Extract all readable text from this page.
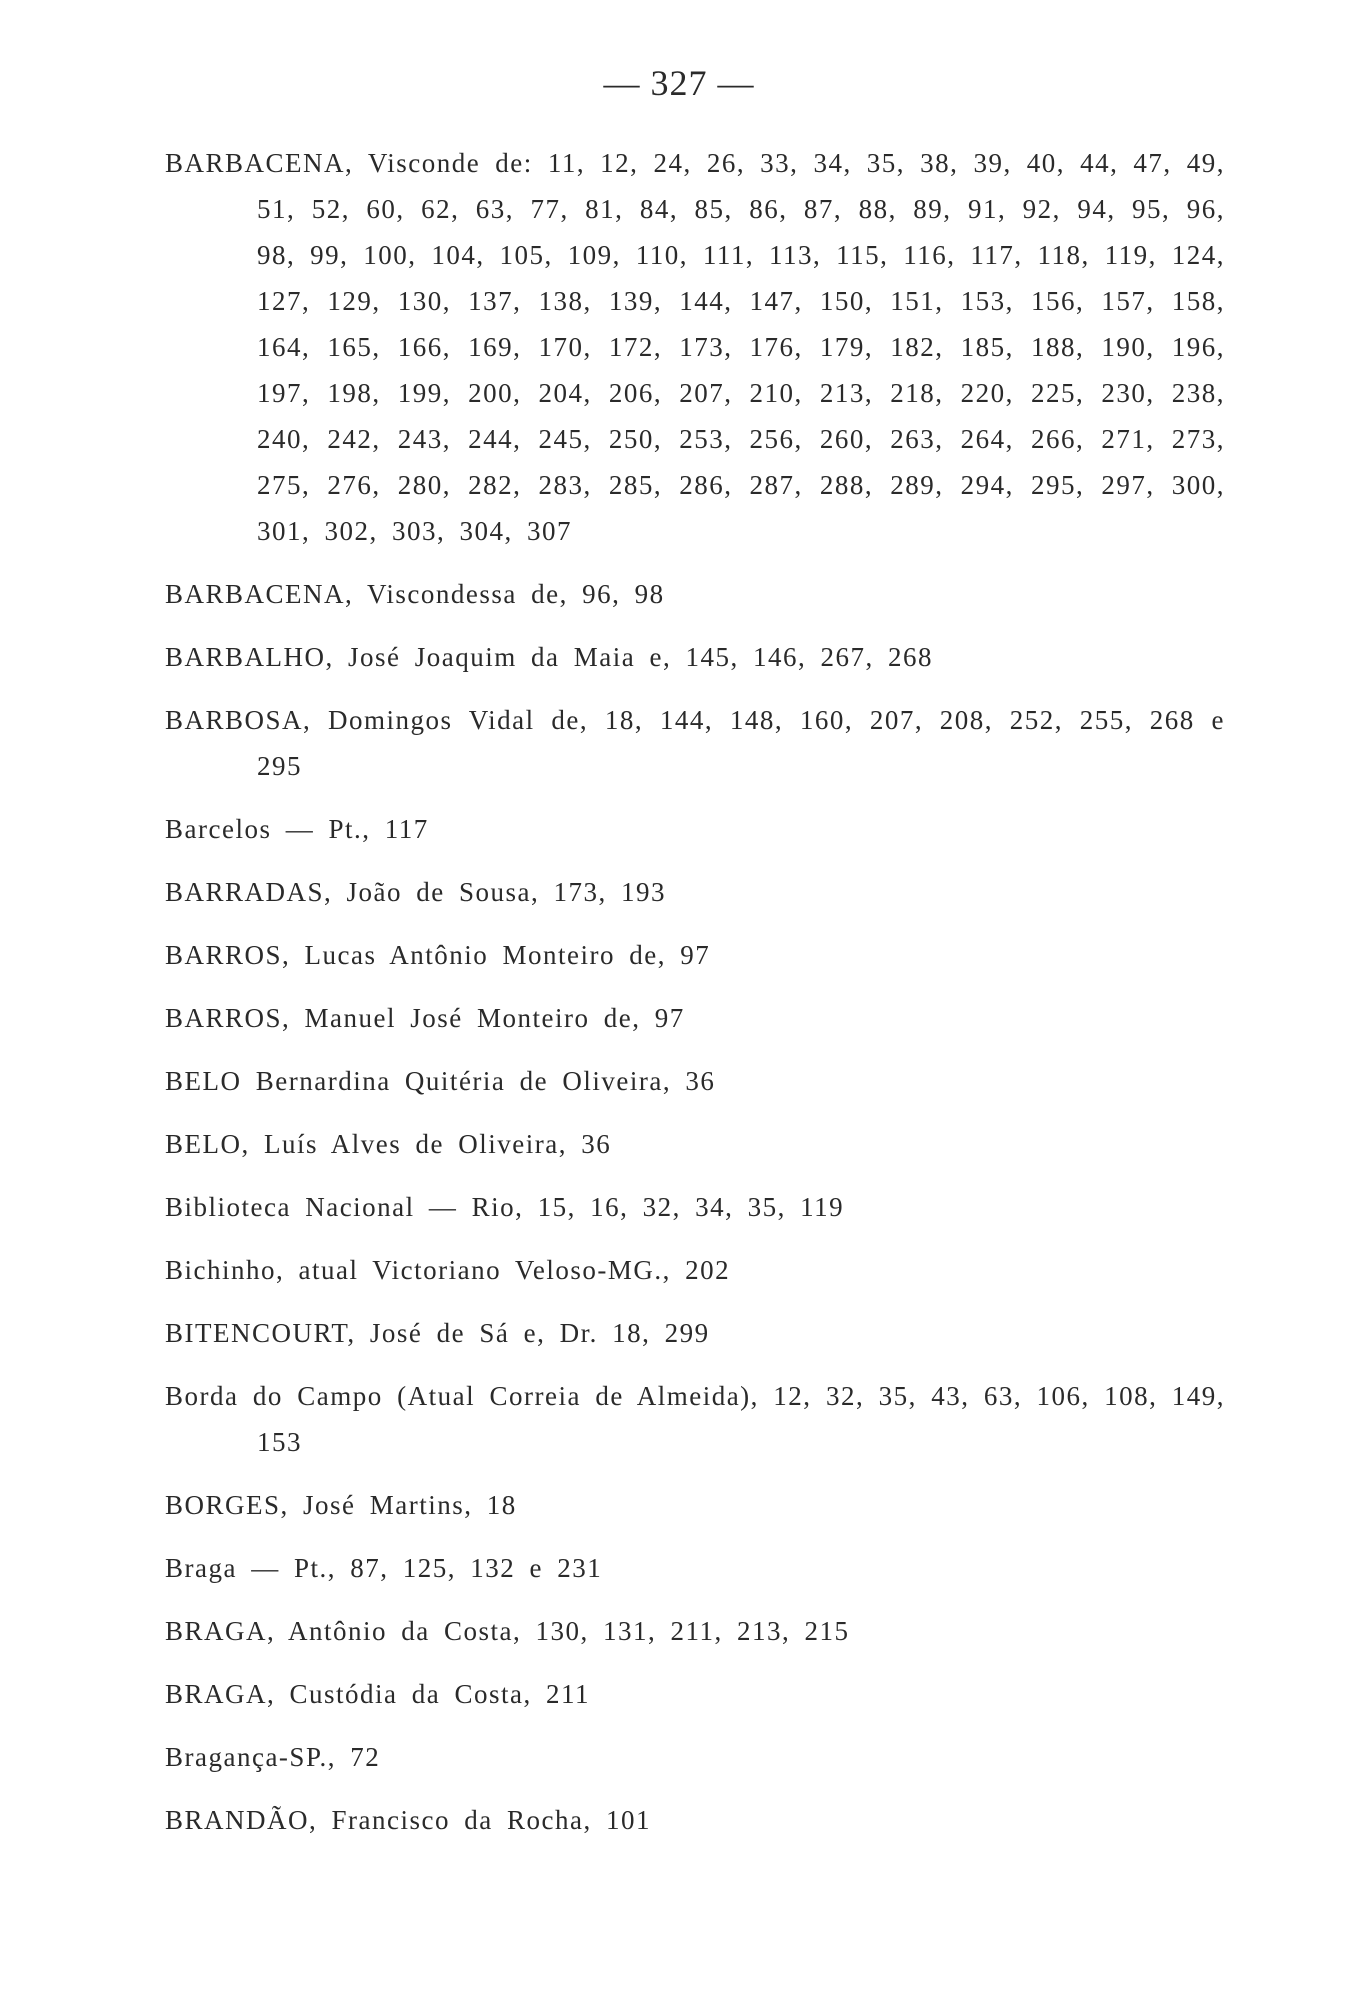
— 327 —
BARBACENA, Visconde de: 11, 12, 24, 26, 33, 34, 35, 38, 39, 40, 44, 47, 49, 51, 52, 60, 62, 63, 77, 81, 84, 85, 86, 87, 88, 89, 91, 92, 94, 95, 96, 98, 99, 100, 104, 105, 109, 110, 111, 113, 115, 116, 117, 118, 119, 124, 127, 129, 130, 137, 138, 139, 144, 147, 150, 151, 153, 156, 157, 158, 164, 165, 166, 169, 170, 172, 173, 176, 179, 182, 185, 188, 190, 196, 197, 198, 199, 200, 204, 206, 207, 210, 213, 218, 220, 225, 230, 238, 240, 242, 243, 244, 245, 250, 253, 256, 260, 263, 264, 266, 271, 273, 275, 276, 280, 282, 283, 285, 286, 287, 288, 289, 294, 295, 297, 300, 301, 302, 303, 304, 307
BARBACENA, Viscondessa de, 96, 98
BARBALHO, José Joaquim da Maia e, 145, 146, 267, 268
BARBOSA, Domingos Vidal de, 18, 144, 148, 160, 207, 208, 252, 255, 268 e 295
Barcelos — Pt., 117
BARRADAS, João de Sousa, 173, 193
BARROS, Lucas Antônio Monteiro de, 97
BARROS, Manuel José Monteiro de, 97
BELO Bernardina Quitéria de Oliveira, 36
BELO, Luís Alves de Oliveira, 36
Biblioteca Nacional — Rio, 15, 16, 32, 34, 35, 119
Bichinho, atual Victoriano Veloso-MG., 202
BITENCOURT, José de Sá e, Dr. 18, 299
Borda do Campo (Atual Correia de Almeida), 12, 32, 35, 43, 63, 106, 108, 149, 153
BORGES, José Martins, 18
Braga — Pt., 87, 125, 132 e 231
BRAGA, Antônio da Costa, 130, 131, 211, 213, 215
BRAGA, Custódia da Costa, 211
Bragança-SP., 72
BRANDÃO, Francisco da Rocha, 101
